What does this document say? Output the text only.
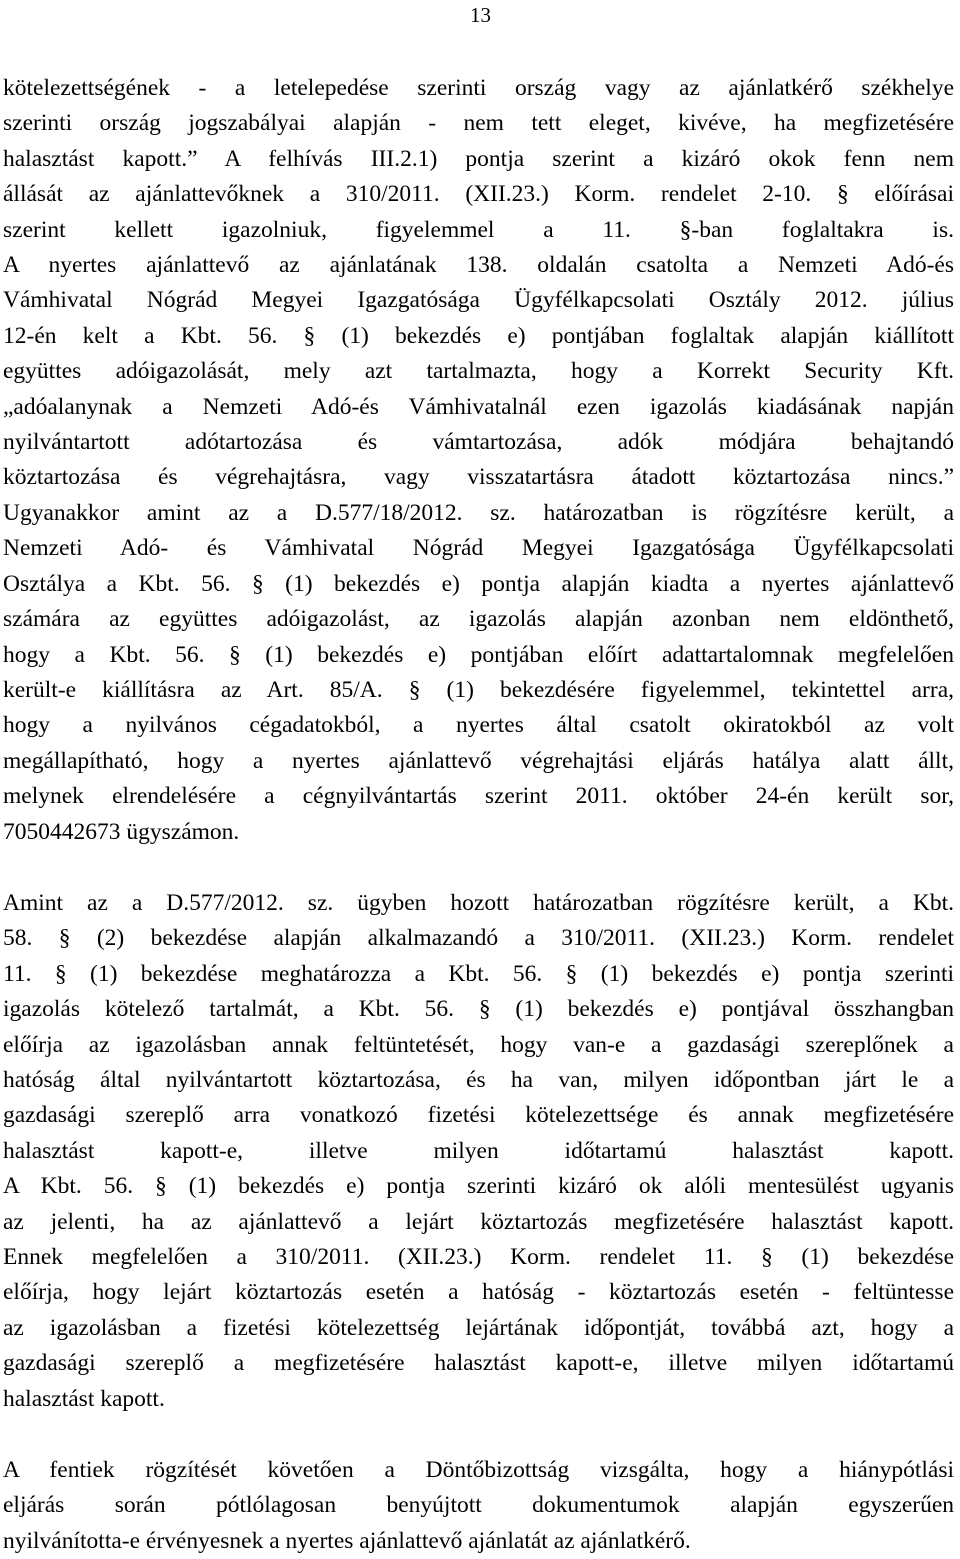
13
kötelezettségének - a letelepedése szerinti ország vagy az ajánlatkérő székhelye
szerinti ország jogszabályai alapján - nem tett eleget, kivéve, ha megfizetésére
halasztást kapott.” A felhívás III.2.1) pontja szerint a kizáró okok fenn nem
állását az ajánlattevőknek a 310/2011. (XII.23.) Korm. rendelet 2-10. § előírásai
szerint kellett igazolniuk, figyelemmel a 11. §-ban foglaltakra is.
A nyertes ajánlattevő az ajánlatának 138. oldalán csatolta a Nemzeti Adó-és
Vámhivatal Nógrád Megyei Igazgatósága Ügyfélkapcsolati Osztály 2012. július
12-én kelt a Kbt. 56. § (1) bekezdés e) pontjában foglaltak alapján kiállított
együttes adóigazolását, mely azt tartalmazta, hogy a Korrekt Security Kft.
„adóalanynak a Nemzeti Adó-és Vámhivatalnál ezen igazolás kiadásának napján
nyilvántartott adótartozása és vámtartozása, adók módjára behajtandó
köztartozása és végrehajtásra, vagy visszatartásra átadott köztartozása nincs.”
Ugyanakkor amint az a D.577/18/2012. sz. határozatban is rögzítésre került, a
Nemzeti Adó- és Vámhivatal Nógrád Megyei Igazgatósága Ügyfélkapcsolati
Osztálya a Kbt. 56. § (1) bekezdés e) pontja alapján kiadta a nyertes ajánlattevő
számára az együttes adóigazolást, az igazolás alapján azonban nem eldönthető,
hogy a Kbt. 56. § (1) bekezdés e) pontjában előírt adattartalomnak megfelelően
került-e kiállításra az Art. 85/A. § (1) bekezdésére figyelemmel, tekintettel arra,
hogy a nyilvános cégadatokból, a nyertes által csatolt okiratokból az volt
megállapítható, hogy a nyertes ajánlattevő végrehajtási eljárás hatálya alatt állt,
melynek elrendelésére a cégnyilvántartás szerint 2011. október 24-én került sor,
7050442673 ügyszámon.
Amint az a D.577/2012. sz. ügyben hozott határozatban rögzítésre került, a Kbt.
58. § (2) bekezdése alapján alkalmazandó a 310/2011. (XII.23.) Korm. rendelet
11. § (1) bekezdése meghatározza a Kbt. 56. § (1) bekezdés e) pontja szerinti
igazolás kötelező tartalmát, a Kbt. 56. § (1) bekezdés e) pontjával összhangban
előírja az igazolásban annak feltüntetését, hogy van-e a gazdasági szereplőnek a
hatóság által nyilvántartott köztartozása, és ha van, milyen időpontban járt le a
gazdasági szereplő arra vonatkozó fizetési kötelezettsége és annak megfizetésére
halasztást kapott-e, illetve milyen időtartamú halasztást kapott.
A Kbt. 56. § (1) bekezdés e) pontja szerinti kizáró ok alóli mentesülést ugyanis
az jelenti, ha az ajánlattevő a lejárt köztartozás megfizetésére halasztást kapott.
Ennek megfelelően a 310/2011. (XII.23.) Korm. rendelet 11. § (1) bekezdése
előírja, hogy lejárt köztartozás esetén a hatóság - köztartozás esetén - feltüntesse
az igazolásban a fizetési kötelezettség lejártának időpontját, továbbá azt, hogy a
gazdasági szereplő a megfizetésére halasztást kapott-e, illetve milyen időtartamú
halasztást kapott.
A fentiek rögzítését követően a Döntőbizottság vizsgálta, hogy a hiánypótlási
eljárás során pótlólagosan benyújtott dokumentumok alapján egyszerűen
nyilvánította-e érvényesnek a nyertes ajánlattevő ajánlatát az ajánlatkérő.
